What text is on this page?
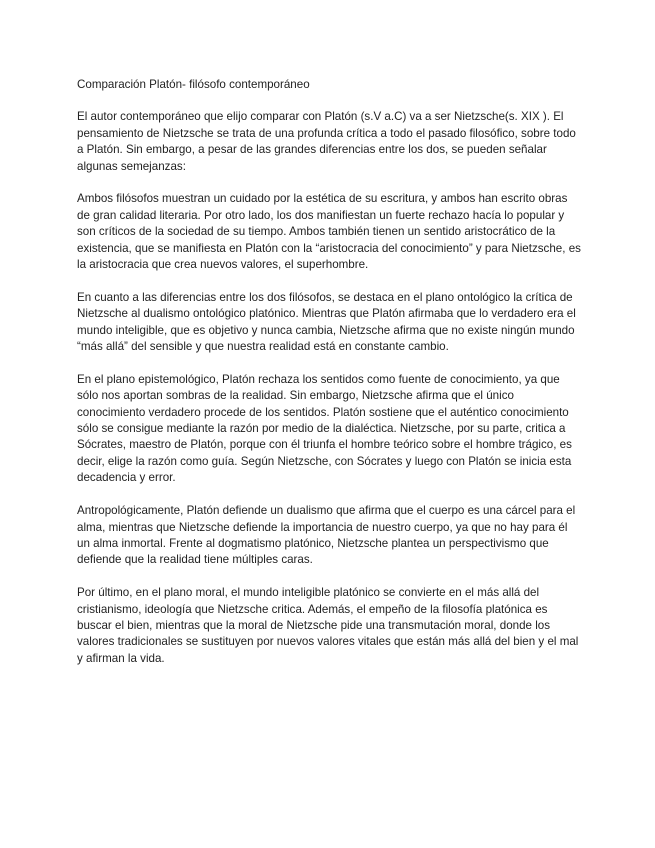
Comparación Platón- filósofo contemporáneo

El autor contemporáneo que elijo comparar con Platón (s.V a.C) va a ser Nietzsche(s. XIX ). El pensamiento de Nietzsche se trata de una profunda crítica a todo el pasado filosófico, sobre todo a Platón. Sin embargo, a pesar de las grandes diferencias entre los dos, se pueden señalar algunas semejanzas:

Ambos filósofos muestran un cuidado por la estética de su escritura, y ambos han escrito obras de gran calidad literaria. Por otro lado, los dos manifiestan un fuerte rechazo hacía lo popular y son críticos de la sociedad de su tiempo. Ambos también tienen un sentido aristocrático de la existencia, que se manifiesta en Platón con la “aristocracia del conocimiento” y para Nietzsche, es la aristocracia que crea nuevos valores, el superhombre.

En cuanto a las diferencias entre los dos filósofos, se destaca en el plano ontológico la crítica de Nietzsche al dualismo ontológico platónico. Mientras que Platón afirmaba que lo verdadero era el mundo inteligible, que es objetivo y nunca cambia, Nietzsche afirma que no existe ningún mundo “más allá” del sensible y que nuestra realidad está en constante cambio.

En el plano epistemológico, Platón rechaza los sentidos como fuente de conocimiento, ya que sólo nos aportan sombras de la realidad. Sin embargo, Nietzsche afirma que el único conocimiento verdadero procede de los sentidos. Platón sostiene que el auténtico conocimiento sólo se consigue mediante la razón por medio de la dialéctica. Nietzsche, por su parte, critica a Sócrates, maestro de Platón, porque con él triunfa el hombre teórico sobre el hombre trágico, es decir, elige la razón como guía. Según Nietzsche, con Sócrates y luego con Platón se inicia esta decadencia y error.

Antropológicamente, Platón defiende un dualismo que afirma que el cuerpo es una cárcel para el alma, mientras que Nietzsche defiende la importancia de nuestro cuerpo, ya que no hay para él un alma inmortal. Frente al dogmatismo platónico, Nietzsche plantea un perspectivismo que defiende que la realidad tiene múltiples caras.

Por último, en el plano moral, el mundo inteligible platónico se convierte en el más allá del cristianismo, ideología que Nietzsche critica. Además, el empeño de la filosofía platónica es buscar el bien, mientras que la moral de Nietzsche pide una transmutación moral, donde los valores tradicionales se sustituyen por nuevos valores vitales que están más allá del bien y el mal y afirman la vida.
